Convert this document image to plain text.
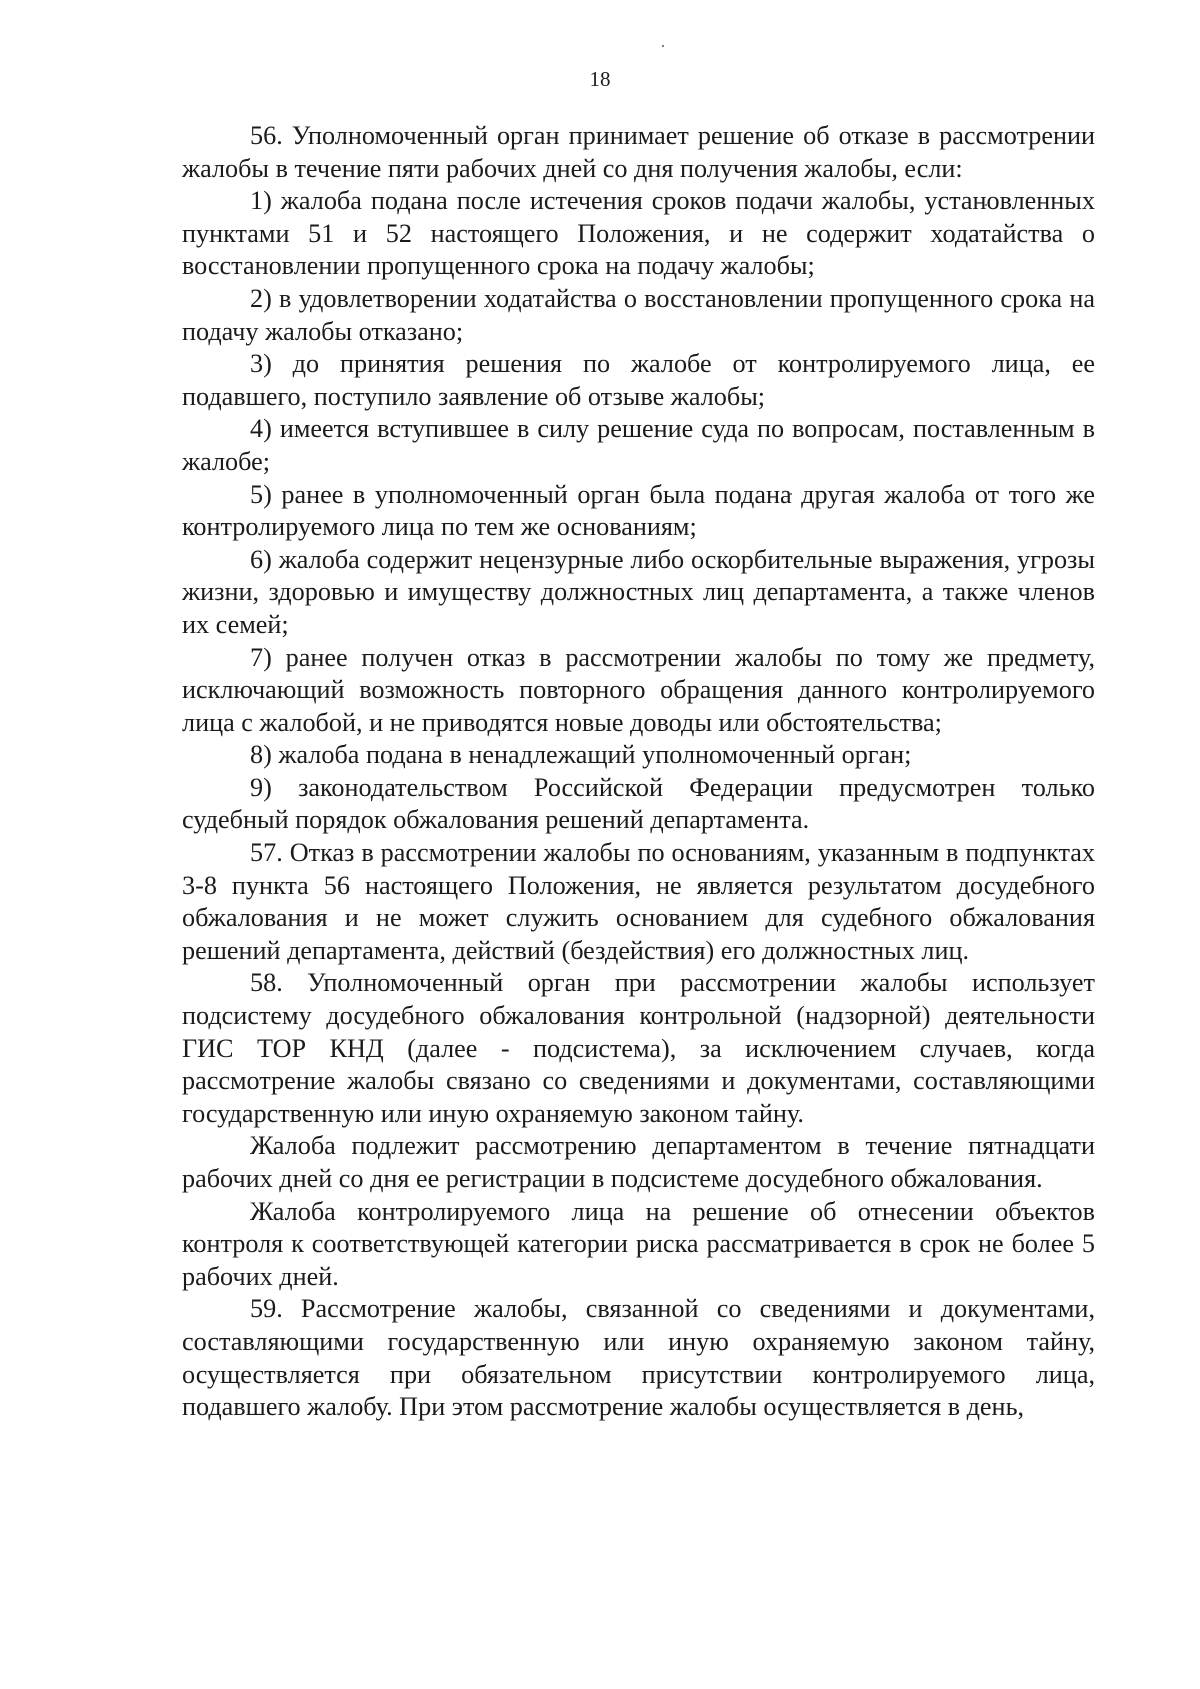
18

56. Уполномоченный орган принимает решение об отказе в рассмотрении жалобы в течение пяти рабочих дней со дня получения жалобы, если:

1) жалоба подана после истечения сроков подачи жалобы, установленных пунктами 51 и 52 настоящего Положения, и не содержит ходатайства о восстановлении пропущенного срока на подачу жалобы;

2) в удовлетворении ходатайства о восстановлении пропущенного срока на подачу жалобы отказано;

3) до принятия решения по жалобе от контролируемого лица, ее подавшего, поступило заявление об отзыве жалобы;

4) имеется вступившее в силу решение суда по вопросам, поставленным в жалобе;

5) ранее в уполномоченный орган была подана другая жалоба от того же контролируемого лица по тем же основаниям;

6) жалоба содержит нецензурные либо оскорбительные выражения, угрозы жизни, здоровью и имуществу должностных лиц департамента, а также членов их семей;

7) ранее получен отказ в рассмотрении жалобы по тому же предмету, исключающий возможность повторного обращения данного контролируемого лица с жалобой, и не приводятся новые доводы или обстоятельства;

8) жалоба подана в ненадлежащий уполномоченный орган;

9) законодательством Российской Федерации предусмотрен только судебный порядок обжалования решений департамента.

57. Отказ в рассмотрении жалобы по основаниям, указанным в подпунктах 3-8 пункта 56 настоящего Положения, не является результатом досудебного обжалования и не может служить основанием для судебного обжалования решений департамента, действий (бездействия) его должностных лиц.

58. Уполномоченный орган при рассмотрении жалобы использует подсистему досудебного обжалования контрольной (надзорной) деятельности ГИС ТОР КНД (далее - подсистема), за исключением случаев, когда рассмотрение жалобы связано со сведениями и документами, составляющими государственную или иную охраняемую законом тайну.

Жалоба подлежит рассмотрению департаментом в течение пятнадцати рабочих дней со дня ее регистрации в подсистеме досудебного обжалования.

Жалоба контролируемого лица на решение об отнесении объектов контроля к соответствующей категории риска рассматривается в срок не более 5 рабочих дней.

59. Рассмотрение жалобы, связанной со сведениями и документами, составляющими государственную или иную охраняемую законом тайну, осуществляется при обязательном присутствии контролируемого лица, подавшего жалобу. При этом рассмотрение жалобы осуществляется в день,
